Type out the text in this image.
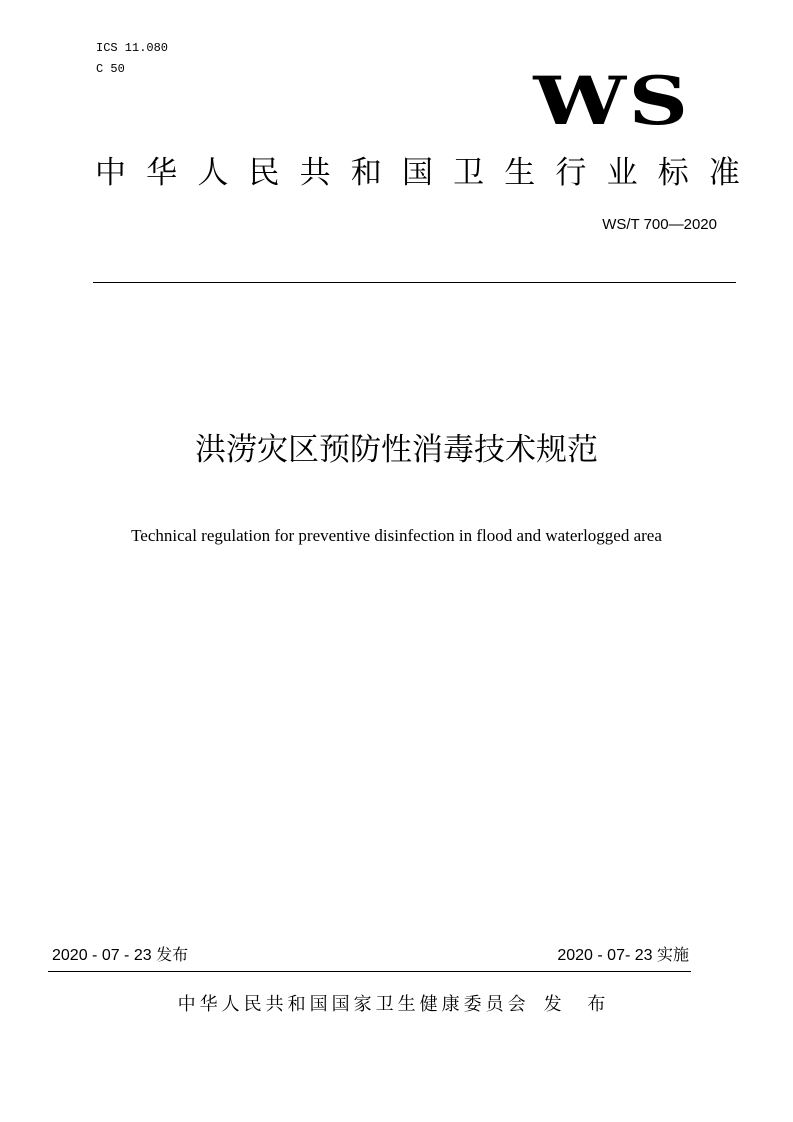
ICS 11.080
C 50	WS
中 华 人 民 共 和 国 卫 生 行 业 标 准
WS/T 700—2020
洪涝灾区预防性消毒技术规范
Technical regulation for preventive disinfection in flood and waterlogged area
2020 - 07 - 23 发布	2020 - 07- 23 实施
中华人民共和国国家卫生健康委员会 发 布
